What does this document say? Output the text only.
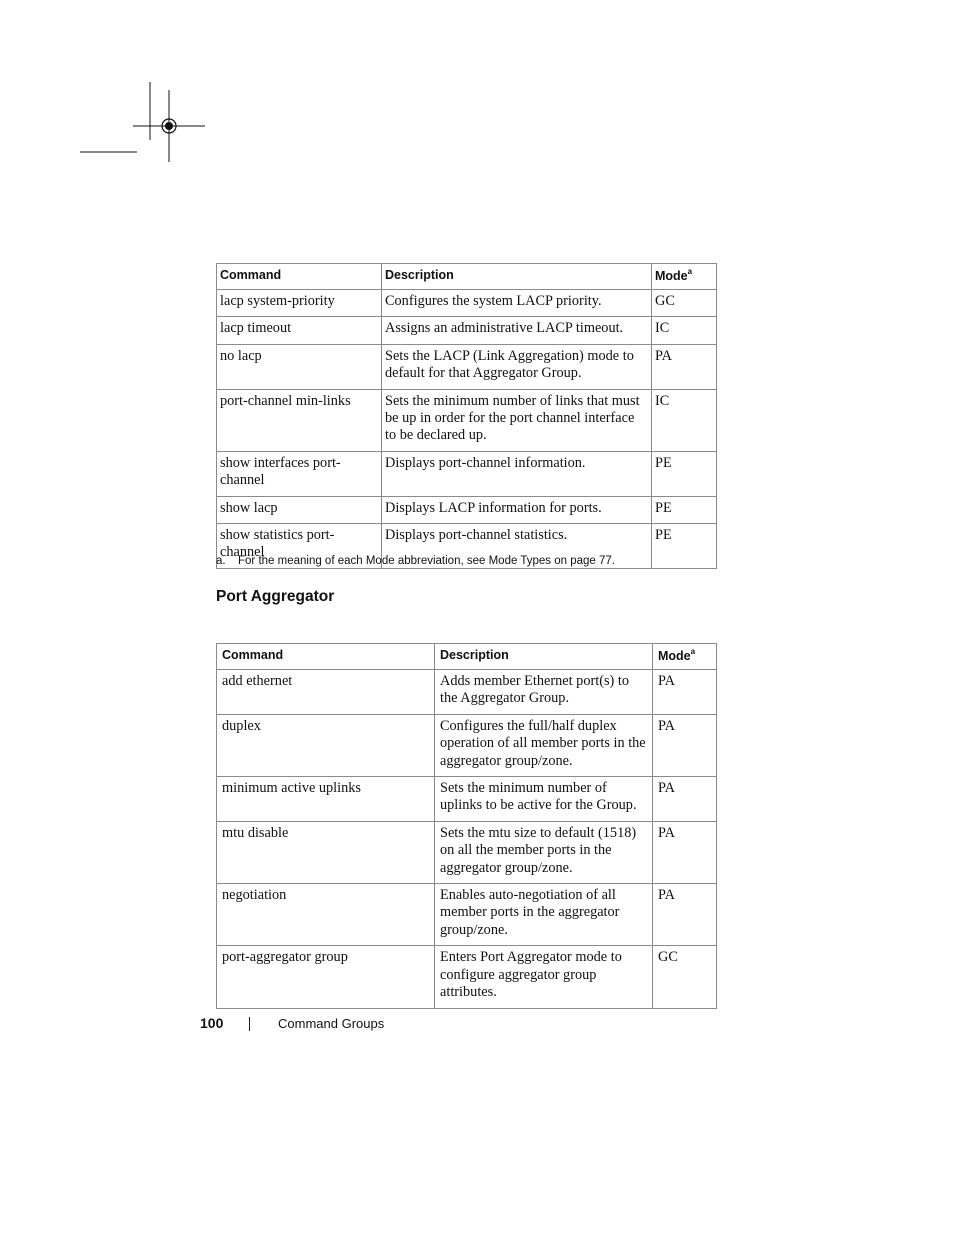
Command	Description	Mode$^a$
lacp system-priority	Configures the system LACP priority.	GC
lacp timeout	Assigns an administrative LACP timeout.	IC
no lacp	Sets the LACP (Link Aggregation) mode to default for that Aggregator Group.	PA
port-channel min-links	Sets the minimum number of links that must be up in order for the port channel interface to be declared up.	IC
show interfaces port-channel	Displays port-channel information.	PE
show lacp	Displays LACP information for ports.	PE
show statistics port-channel	Displays port-channel statistics.	PE
a. For the meaning of each Mode abbreviation, see Mode Types on page 77.
Port Aggregator
Command	Description	Mode$^a$
add ethernet	Adds member Ethernet port(s) to the Aggregator Group.	PA
duplex	Configures the full/half duplex operation of all member ports in the aggregator group/zone.	PA
minimum active uplinks	Sets the minimum number of uplinks to be active for the Group.	PA
mtu disable	Sets the mtu size to default (1518) on all the member ports in the aggregator group/zone.	PA
negotiation	Enables auto-negotiation of all member ports in the aggregator group/zone.	PA
port-aggregator group	Enters Port Aggregator mode to configure aggregator group attributes.	GC
100	Command Groups
